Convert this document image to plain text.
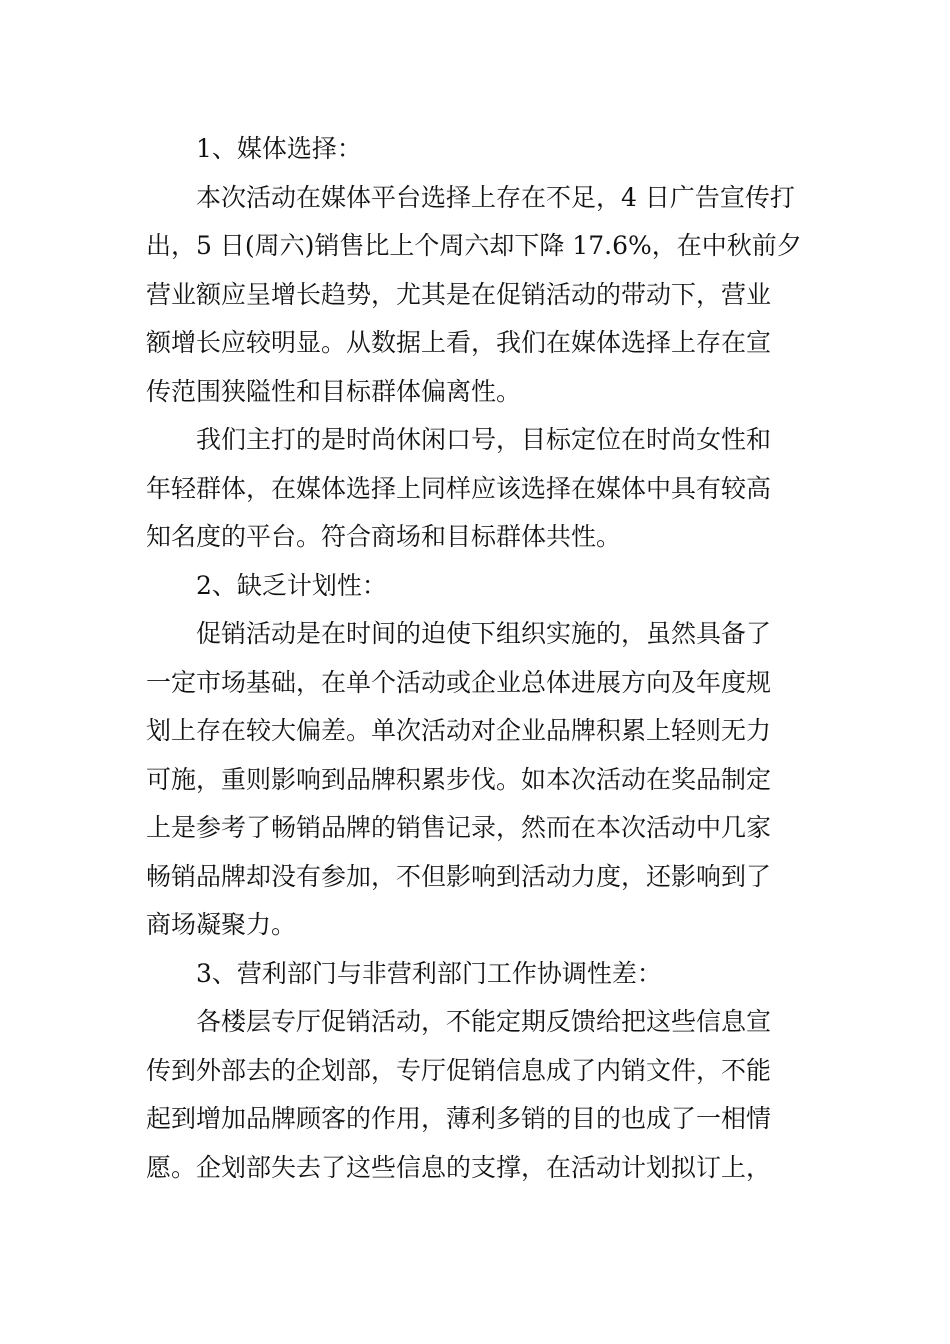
1、媒体选择：
本次活动在媒体平台选择上存在不足，4 日广告宣传打
出，5 日(周六)销售比上个周六却下降 17.6%，在中秋前夕
营业额应呈增长趋势，尤其是在促销活动的带动下，营业
额增长应较明显。从数据上看，我们在媒体选择上存在宣
传范围狭隘性和目标群体偏离性。
我们主打的是时尚休闲口号，目标定位在时尚女性和
年轻群体，在媒体选择上同样应该选择在媒体中具有较高
知名度的平台。符合商场和目标群体共性。
2、缺乏计划性：
促销活动是在时间的迫使下组织实施的，虽然具备了
一定市场基础，在单个活动或企业总体进展方向及年度规
划上存在较大偏差。单次活动对企业品牌积累上轻则无力
可施，重则影响到品牌积累步伐。如本次活动在奖品制定
上是参考了畅销品牌的销售记录，然而在本次活动中几家
畅销品牌却没有参加，不但影响到活动力度，还影响到了
商场凝聚力。
3、营利部门与非营利部门工作协调性差：
各楼层专厅促销活动，不能定期反馈给把这些信息宣
传到外部去的企划部，专厅促销信息成了内销文件，不能
起到增加品牌顾客的作用，薄利多销的目的也成了一相情
愿。企划部失去了这些信息的支撑，在活动计划拟订上，
